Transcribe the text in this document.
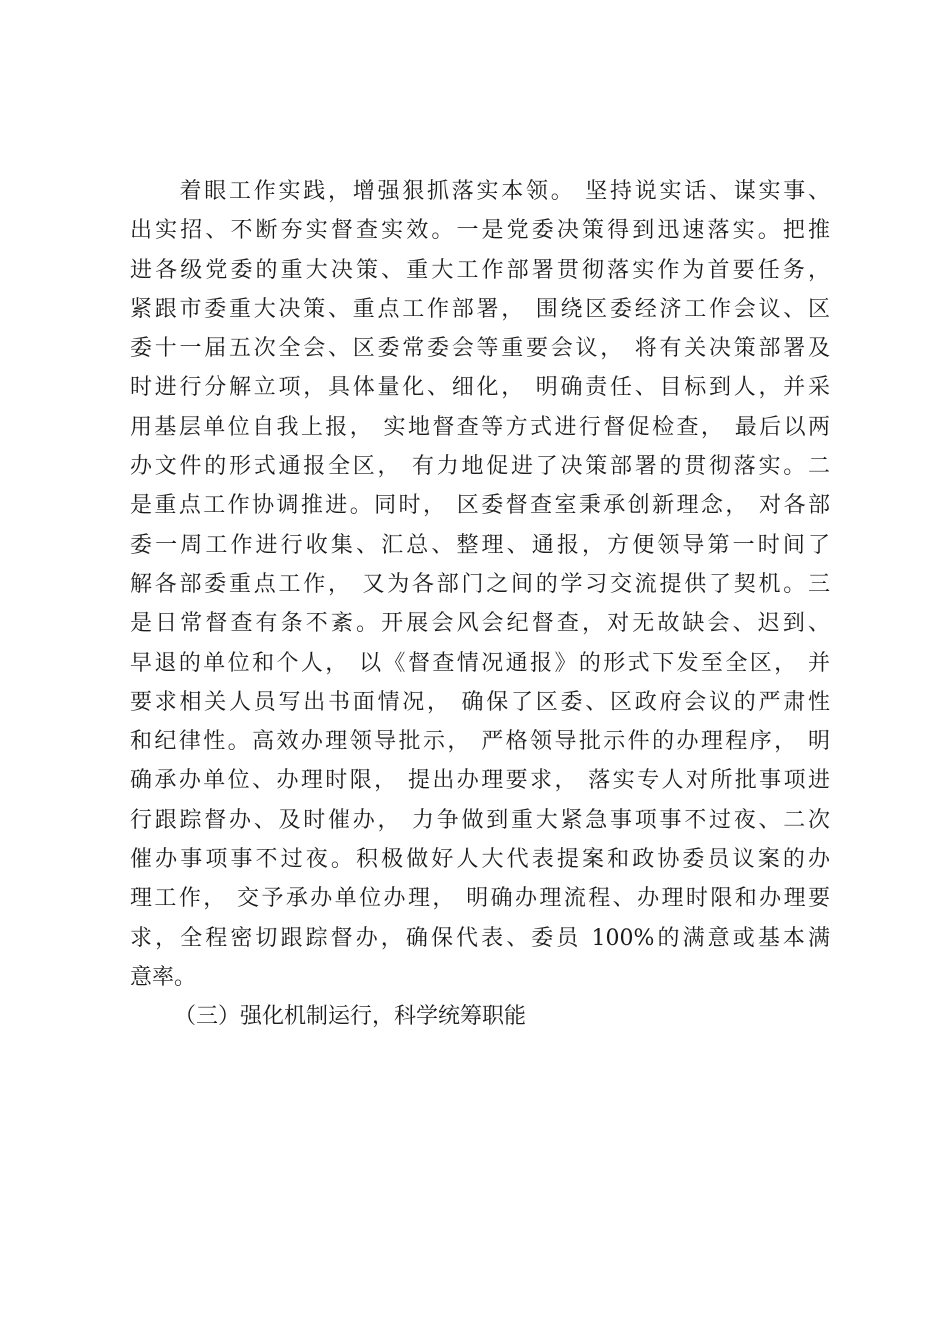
　　着眼工作实践，增强狠抓落实本领。 坚持说实话、谋实事、
出实招、不断夯实督查实效。一是党委决策得到迅速落实。把推
进各级党委的重大决策、重大工作部署贯彻落实作为首要任务，
紧跟市委重大决策、重点工作部署， 围绕区委经济工作会议、区
委十一届五次全会、区委常委会等重要会议， 将有关决策部署及
时进行分解立项，具体量化、细化， 明确责任、目标到人，并采
用基层单位自我上报， 实地督查等方式进行督促检查， 最后以两
办文件的形式通报全区， 有力地促进了决策部署的贯彻落实。二
是重点工作协调推进。同时， 区委督查室秉承创新理念， 对各部
委一周工作进行收集、汇总、整理、通报，方便领导第一时间了
解各部委重点工作， 又为各部门之间的学习交流提供了契机。三
是日常督查有条不紊。开展会风会纪督查，对无故缺会、迟到、
早退的单位和个人， 以《督查情况通报》的形式下发至全区， 并
要求相关人员写出书面情况， 确保了区委、区政府会议的严肃性
和纪律性。高效办理领导批示， 严格领导批示件的办理程序， 明
确承办单位、办理时限， 提出办理要求， 落实专人对所批事项进
行跟踪督办、及时催办， 力争做到重大紧急事项事不过夜、二次
催办事项事不过夜。积极做好人大代表提案和政协委员议案的办
理工作， 交予承办单位办理， 明确办理流程、办理时限和办理要
求，全程密切跟踪督办，确保代表、委员 100%的满意或基本满
意率。
（三）强化机制运行，科学统筹职能
